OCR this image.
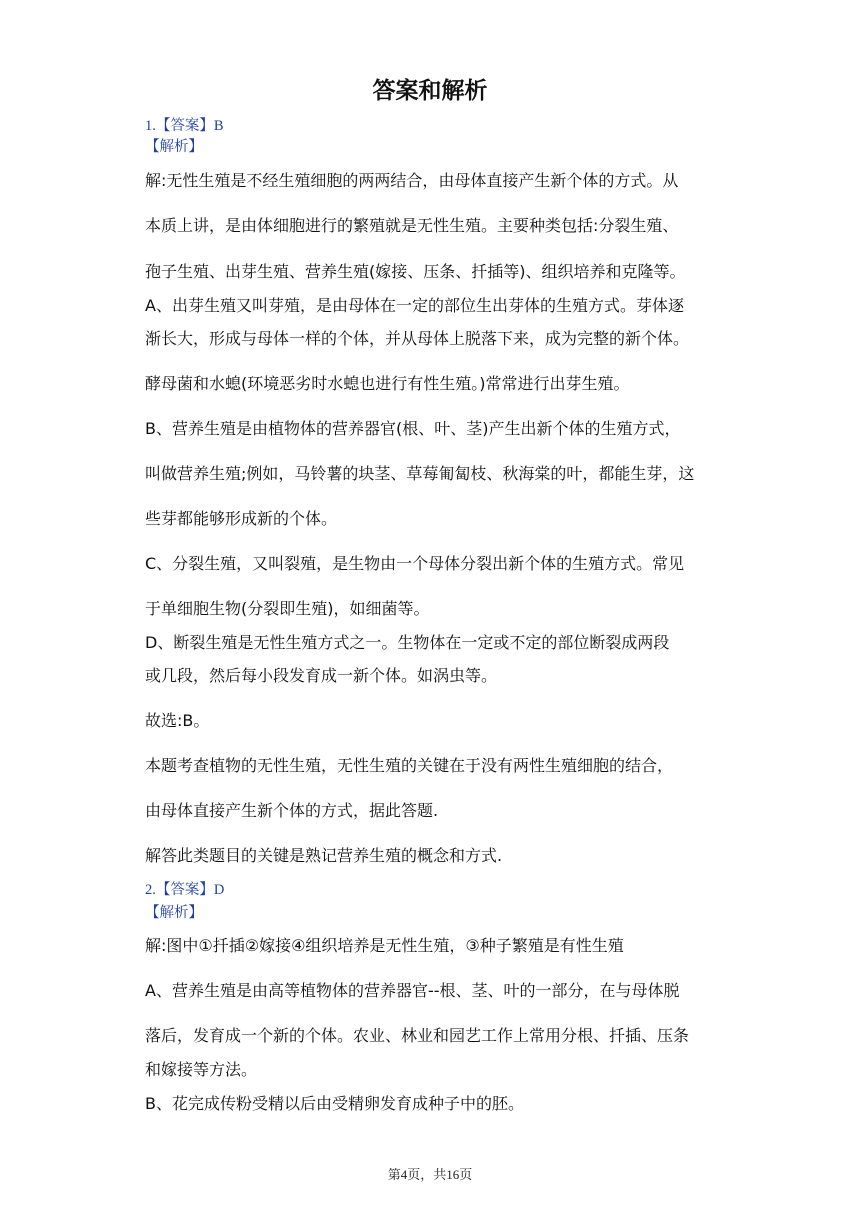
答案和解析
1.【答案】B
【解析】
解:无性生殖是不经生殖细胞的两两结合，由母体直接产生新个体的方式。从
本质上讲，是由体细胞进行的繁殖就是无性生殖。主要种类包括:分裂生殖、
孢子生殖、出芽生殖、营养生殖(嫁接、压条、扦插等)、组织培养和克隆等。
A、出芽生殖又叫芽殖，是由母体在一定的部位生出芽体的生殖方式。芽体逐
渐长大，形成与母体一样的个体，并从母体上脱落下来，成为完整的新个体。
酵母菌和水螅(环境恶劣时水螅也进行有性生殖。)常常进行出芽生殖。
B、营养生殖是由植物体的营养器官(根、叶、茎)产生出新个体的生殖方式，
叫做营养生殖;例如，马铃薯的块茎、草莓匍匐枝、秋海棠的叶，都能生芽，这
些芽都能够形成新的个体。
C、分裂生殖，又叫裂殖，是生物由一个母体分裂出新个体的生殖方式。常见
于单细胞生物(分裂即生殖)，如细菌等。
D、断裂生殖是无性生殖方式之一。生物体在一定或不定的部位断裂成两段
或几段，然后每小段发育成一新个体。如涡虫等。
故选:B。
本题考查植物的无性生殖，无性生殖的关键在于没有两性生殖细胞的结合，
由母体直接产生新个体的方式，据此答题.
解答此类题目的关键是熟记营养生殖的概念和方式.
2.【答案】D
【解析】
解:图中①扦插②嫁接④组织培养是无性生殖，③种子繁殖是有性生殖
A、营养生殖是由高等植物体的营养器官--根、茎、叶的一部分，在与母体脱
落后，发育成一个新的个体。农业、林业和园艺工作上常用分根、扦插、压条
和嫁接等方法。
B、花完成传粉受精以后由受精卵发育成种子中的胚。
第4页，共16页
